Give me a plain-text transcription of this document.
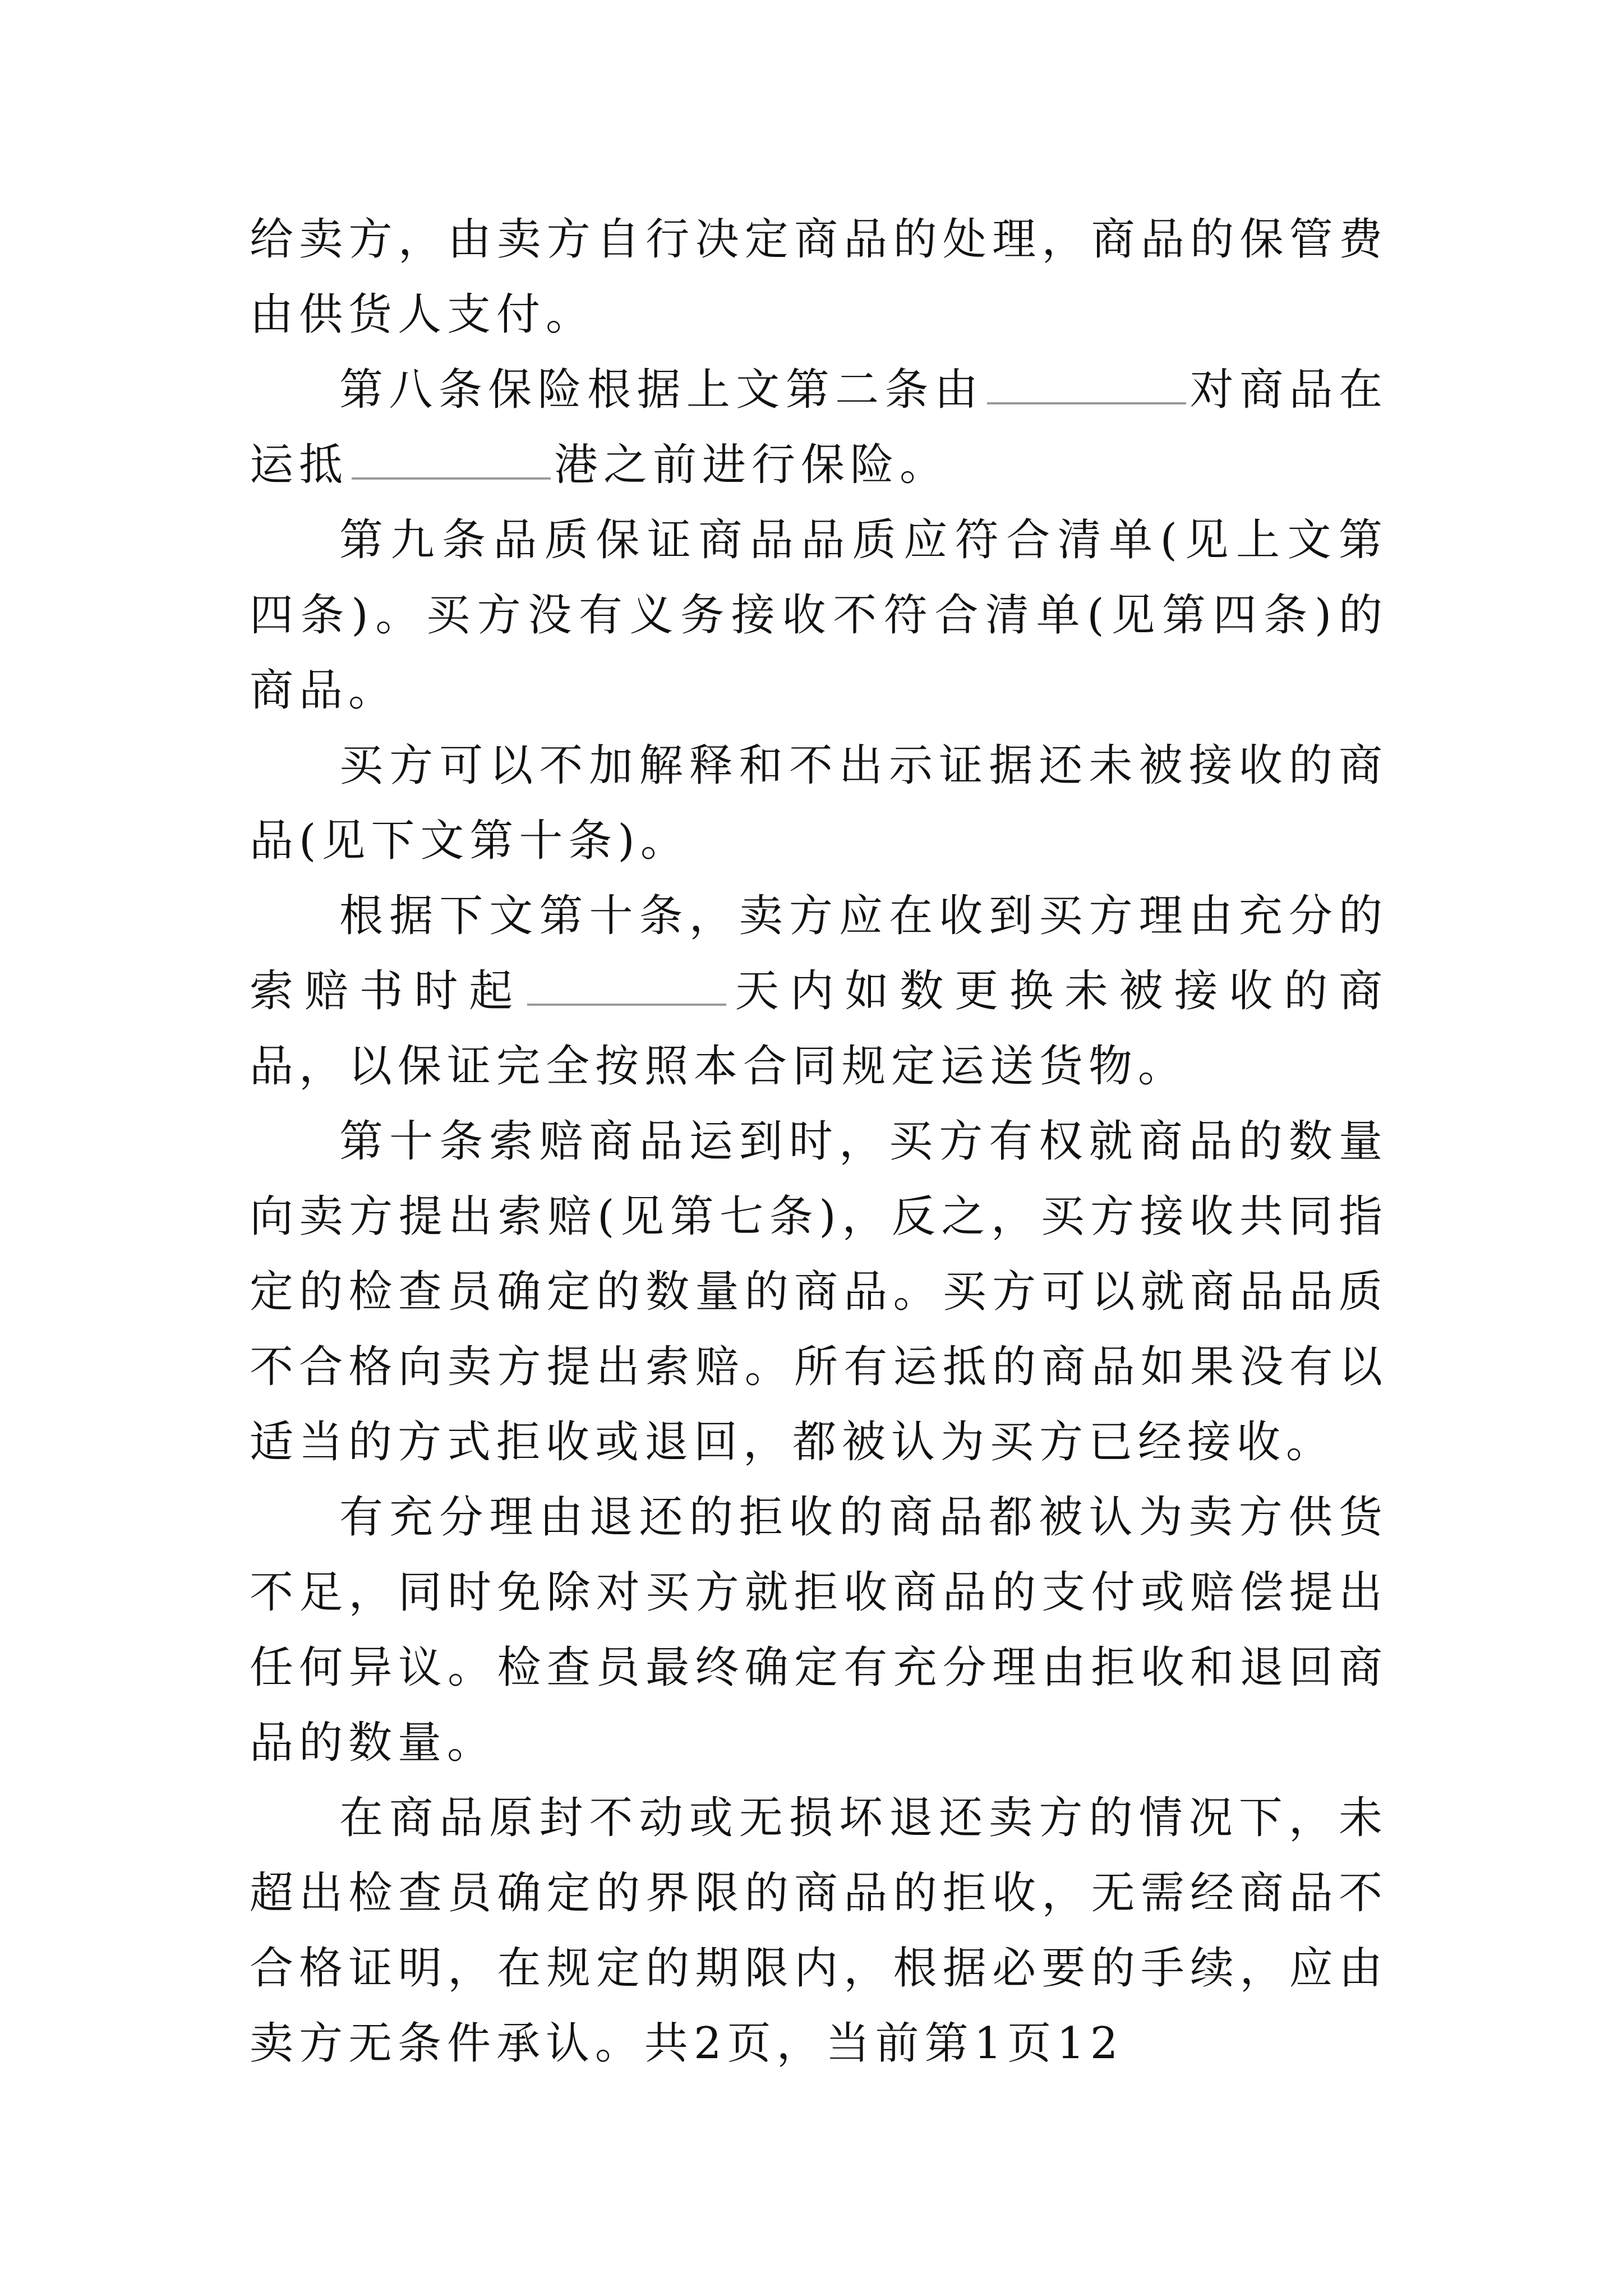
给卖方，由卖方自行决定商品的处理，商品的保管费由供货人支付。

第八条保险根据上文第二条由	对商品在运抵	港之前进行保险。

第九条品质保证商品品质应符合清单(见上文第四条)。买方没有义务接收不符合清单(见第四条)的商品。

买方可以不加解释和不出示证据还未被接收的商品(见下文第十条)。

根据下文第十条，卖方应在收到买方理由充分的索赔书时起	天内如数更换未被接收的商品，以保证完全按照本合同规定运送货物。

第十条索赔商品运到时，买方有权就商品的数量向卖方提出索赔(见第七条)，反之，买方接收共同指定的检查员确定的数量的商品。买方可以就商品品质不合格向卖方提出索赔。所有运抵的商品如果没有以适当的方式拒收或退回，都被认为买方已经接收。

有充分理由退还的拒收的商品都被认为卖方供货不足，同时免除对买方就拒收商品的支付或赔偿提出任何异议。检查员最终确定有充分理由拒收和退回商品的数量。

在商品原封不动或无损坏退还卖方的情况下，未超出检查员确定的界限的商品的拒收，无需经商品不合格证明，在规定的期限内，根据必要的手续，应由卖方无条件承认。共2页，当前第1页12
